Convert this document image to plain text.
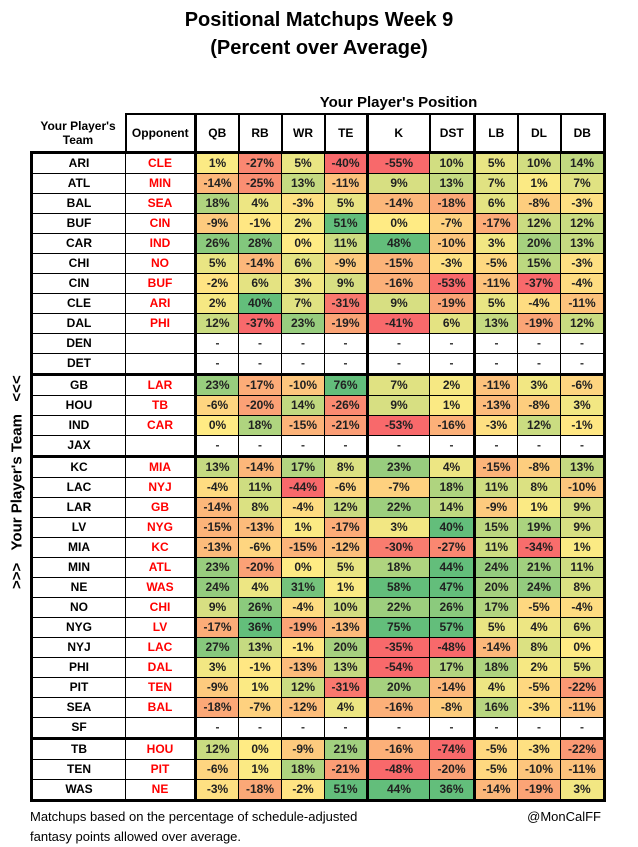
Positional Matchups Week 9
(Percent over Average)
Your Player's Position
>>>   Your Player's Team   <<<
Your Player's
Team	Opponent	QB	RB	WR	TE	K	DST	LB	DL	DB
ARI	CLE	1%	-27%	5%	-40%	-55%	10%	5%	10%	14%
ATL	MIN	-14%	-25%	13%	-11%	9%	13%	7%	1%	7%
BAL	SEA	18%	4%	-3%	5%	-14%	-18%	6%	-8%	-3%
BUF	CIN	-9%	-1%	2%	51%	0%	-7%	-17%	12%	12%
CAR	IND	26%	28%	0%	11%	48%	-10%	3%	20%	13%
CHI	NO	5%	-14%	6%	-9%	-15%	-3%	-5%	15%	-3%
CIN	BUF	-2%	6%	3%	9%	-16%	-53%	-11%	-37%	-4%
CLE	ARI	2%	40%	7%	-31%	9%	-19%	5%	-4%	-11%
DAL	PHI	12%	-37%	23%	-19%	-41%	6%	13%	-19%	12%
DEN		-	-	-	-	-	-	-	-	-
DET		-	-	-	-	-	-	-	-	-
GB	LAR	23%	-17%	-10%	76%	7%	2%	-11%	3%	-6%
HOU	TB	-6%	-20%	14%	-26%	9%	1%	-13%	-8%	3%
IND	CAR	0%	18%	-15%	-21%	-53%	-16%	-3%	12%	-1%
JAX		-	-	-	-	-	-	-	-	-
KC	MIA	13%	-14%	17%	8%	23%	4%	-15%	-8%	13%
LAC	NYJ	-4%	11%	-44%	-6%	-7%	18%	11%	8%	-10%
LAR	GB	-14%	8%	-4%	12%	22%	14%	-9%	1%	9%
LV	NYG	-15%	-13%	1%	-17%	3%	40%	15%	19%	9%
MIA	KC	-13%	-6%	-15%	-12%	-30%	-27%	11%	-34%	1%
MIN	ATL	23%	-20%	0%	5%	18%	44%	24%	21%	11%
NE	WAS	24%	4%	31%	1%	58%	47%	20%	24%	8%
NO	CHI	9%	26%	-4%	10%	22%	26%	17%	-5%	-4%
NYG	LV	-17%	36%	-19%	-13%	75%	57%	5%	4%	6%
NYJ	LAC	27%	13%	-1%	20%	-35%	-48%	-14%	8%	0%
PHI	DAL	3%	-1%	-13%	13%	-54%	17%	18%	2%	5%
PIT	TEN	-9%	1%	12%	-31%	20%	-14%	4%	-5%	-22%
SEA	BAL	-18%	-7%	-12%	4%	-16%	-8%	16%	-3%	-11%
SF		-	-	-	-	-	-	-	-	-
TB	HOU	12%	0%	-9%	21%	-16%	-74%	-5%	-3%	-22%
TEN	PIT	-6%	1%	18%	-21%	-48%	-20%	-5%	-10%	-11%
WAS	NE	-3%	-18%	-2%	51%	44%	36%	-14%	-19%	3%
Matchups based on the percentage of schedule-adjusted
fantasy points allowed over average.
@MonCalFF
